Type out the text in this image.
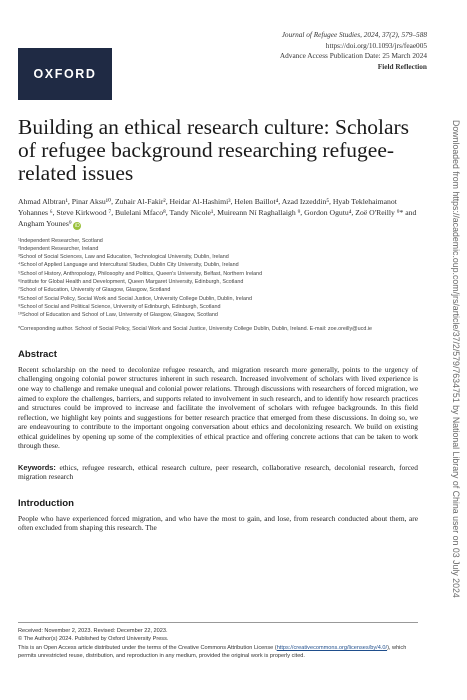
OXFORD
Journal of Refugee Studies, 2024, 37(2), 579–588
https://doi.org/10.1093/jrs/feae005
Advance Access Publication Date: 25 March 2024
Field Reflection
Downloaded from https://academic.oup.com/jrs/article/37/2/579/7634751 by National Library of China user on 03 July 2024
Building an ethical research culture: Scholars of refugee background researching refugee-related issues
Ahmad Albtran¹, Pinar Aksu¹⁰, Zuhair Al-Fakir², Heidar Al-Hashimi³, Helen Baillot⁴, Azad Izzeddin⁵, Hyab Teklehaimanot Yohannes ⁶, Steve Kirkwood ⁷, Bulelani Mfaco⁸, Tandy Nicole¹, Muireann Ní Raghallaigh ⁹, Gordon Ogutu⁴, Zoë O'Reilly ⁹* and Angham Younes⁹ iD
¹Independent Researcher, Scotland
²Independent Researcher, Ireland
³School of Social Sciences, Law and Education, Technological University, Dublin, Ireland
⁴School of Applied Language and Intercultural Studies, Dublin City University, Dublin, Ireland
⁵School of History, Anthropology, Philosophy and Politics, Queen's University, Belfast, Northern Ireland
⁶Institute for Global Health and Development, Queen Margaret University, Edinburgh, Scotland
⁷School of Education, University of Glasgow, Glasgow, Scotland
⁸School of Social Policy, Social Work and Social Justice, University College Dublin, Dublin, Ireland
⁹School of Social and Political Science, University of Edinburgh, Edinburgh, Scotland
¹⁰School of Education and School of Law, University of Glasgow, Glasgow, Scotland
*Corresponding author. School of Social Policy, Social Work and Social Justice, University College Dublin, Dublin, Ireland. E-mail: zoe.oreilly@ucd.ie
Abstract
Recent scholarship on the need to decolonize refugee research, and migration research more generally, points to the urgency of challenging ongoing colonial power structures inherent in such research. Increased involvement of scholars with lived experience is one way to challenge and remake unequal and colonial power relations. Through discussions with researchers of forced migration, we aimed to explore the challenges, barriers, and supports related to involvement in such research, and to identify how research practices and structures could be improved to increase and facilitate the involvement of scholars with refugee backgrounds. In this field reflection, we highlight key points and suggestions for better research practice that emerged from these discussions. In doing so, we are endeavouring to contribute to the important ongoing conversation about ethics and decolonizing research. We build on existing ethical guidelines by opening up some of the complexities of ethical practice and offering concrete actions that can be taken to work through these.
Keywords: ethics, refugee research, ethical research culture, peer research, collaborative research, decolonial research, forced migration research
Introduction
People who have experienced forced migration, and who have the most to gain, and lose, from research conducted about them, are often excluded from shaping this research. The
Received: November 2, 2023. Revised: December 22, 2023.
© The Author(s) 2024. Published by Oxford University Press.
This is an Open Access article distributed under the terms of the Creative Commons Attribution License (https://creativecommons.org/licenses/by/4.0/), which permits unrestricted reuse, distribution, and reproduction in any medium, provided the original work is properly cited.
